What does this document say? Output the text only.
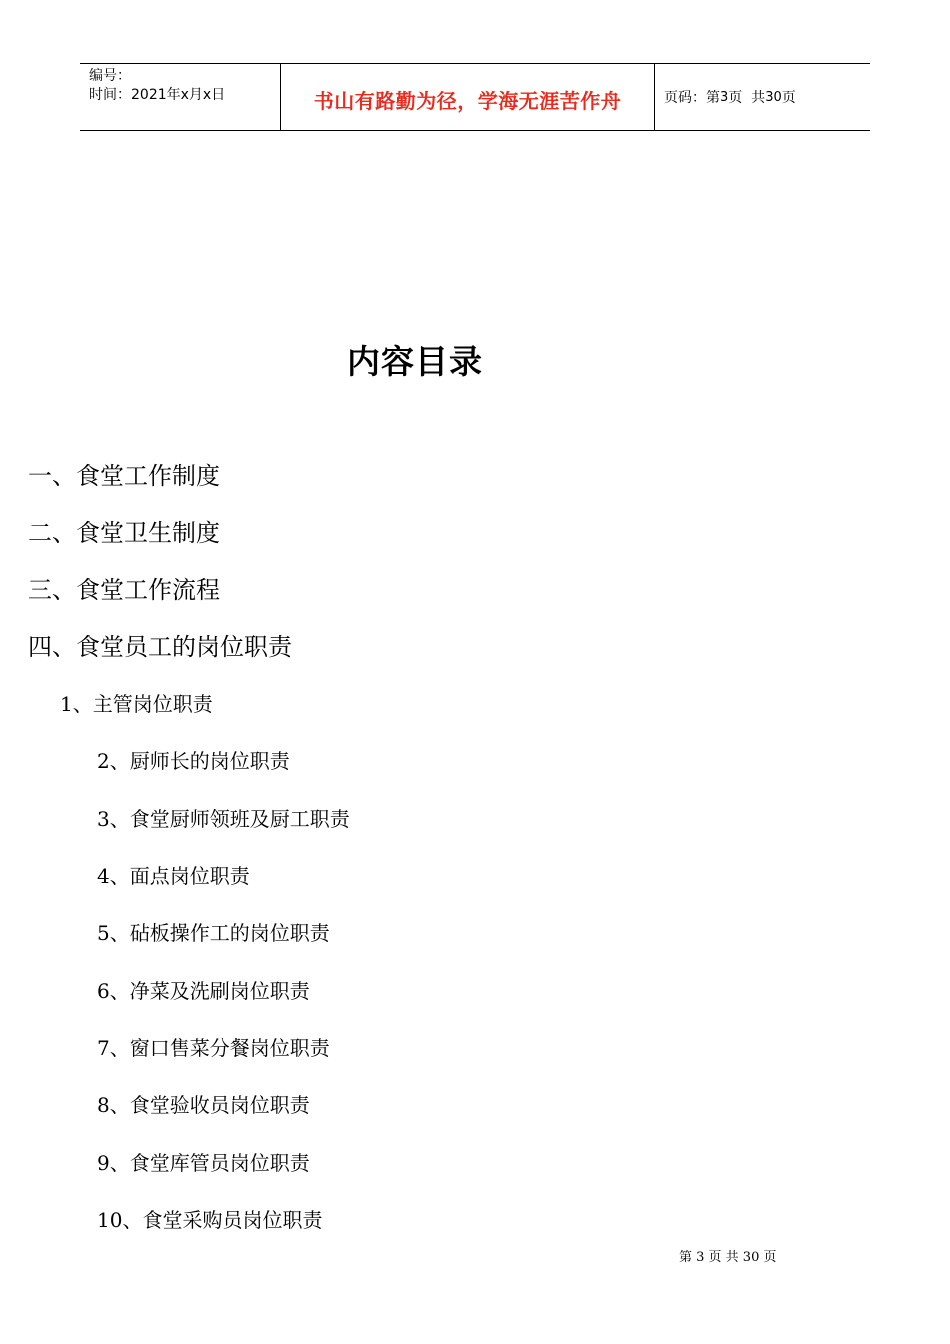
编号：
时间：2021年x月x日	书山有路勤为径，学海无涯苦作舟	页码：第 3 页  共 30 页
内容目录
一、食堂工作制度
二、食堂卫生制度
三、食堂工作流程
四、食堂员工的岗位职责
1、主管岗位职责
2、厨师长的岗位职责
3、食堂厨师领班及厨工职责
4、面点岗位职责
5、砧板操作工的岗位职责
6、净菜及洗刷岗位职责
7、窗口售菜分餐岗位职责
8、食堂验收员岗位职责
9、食堂库管员岗位职责
10、食堂采购员岗位职责
第 3 页 共 30 页
